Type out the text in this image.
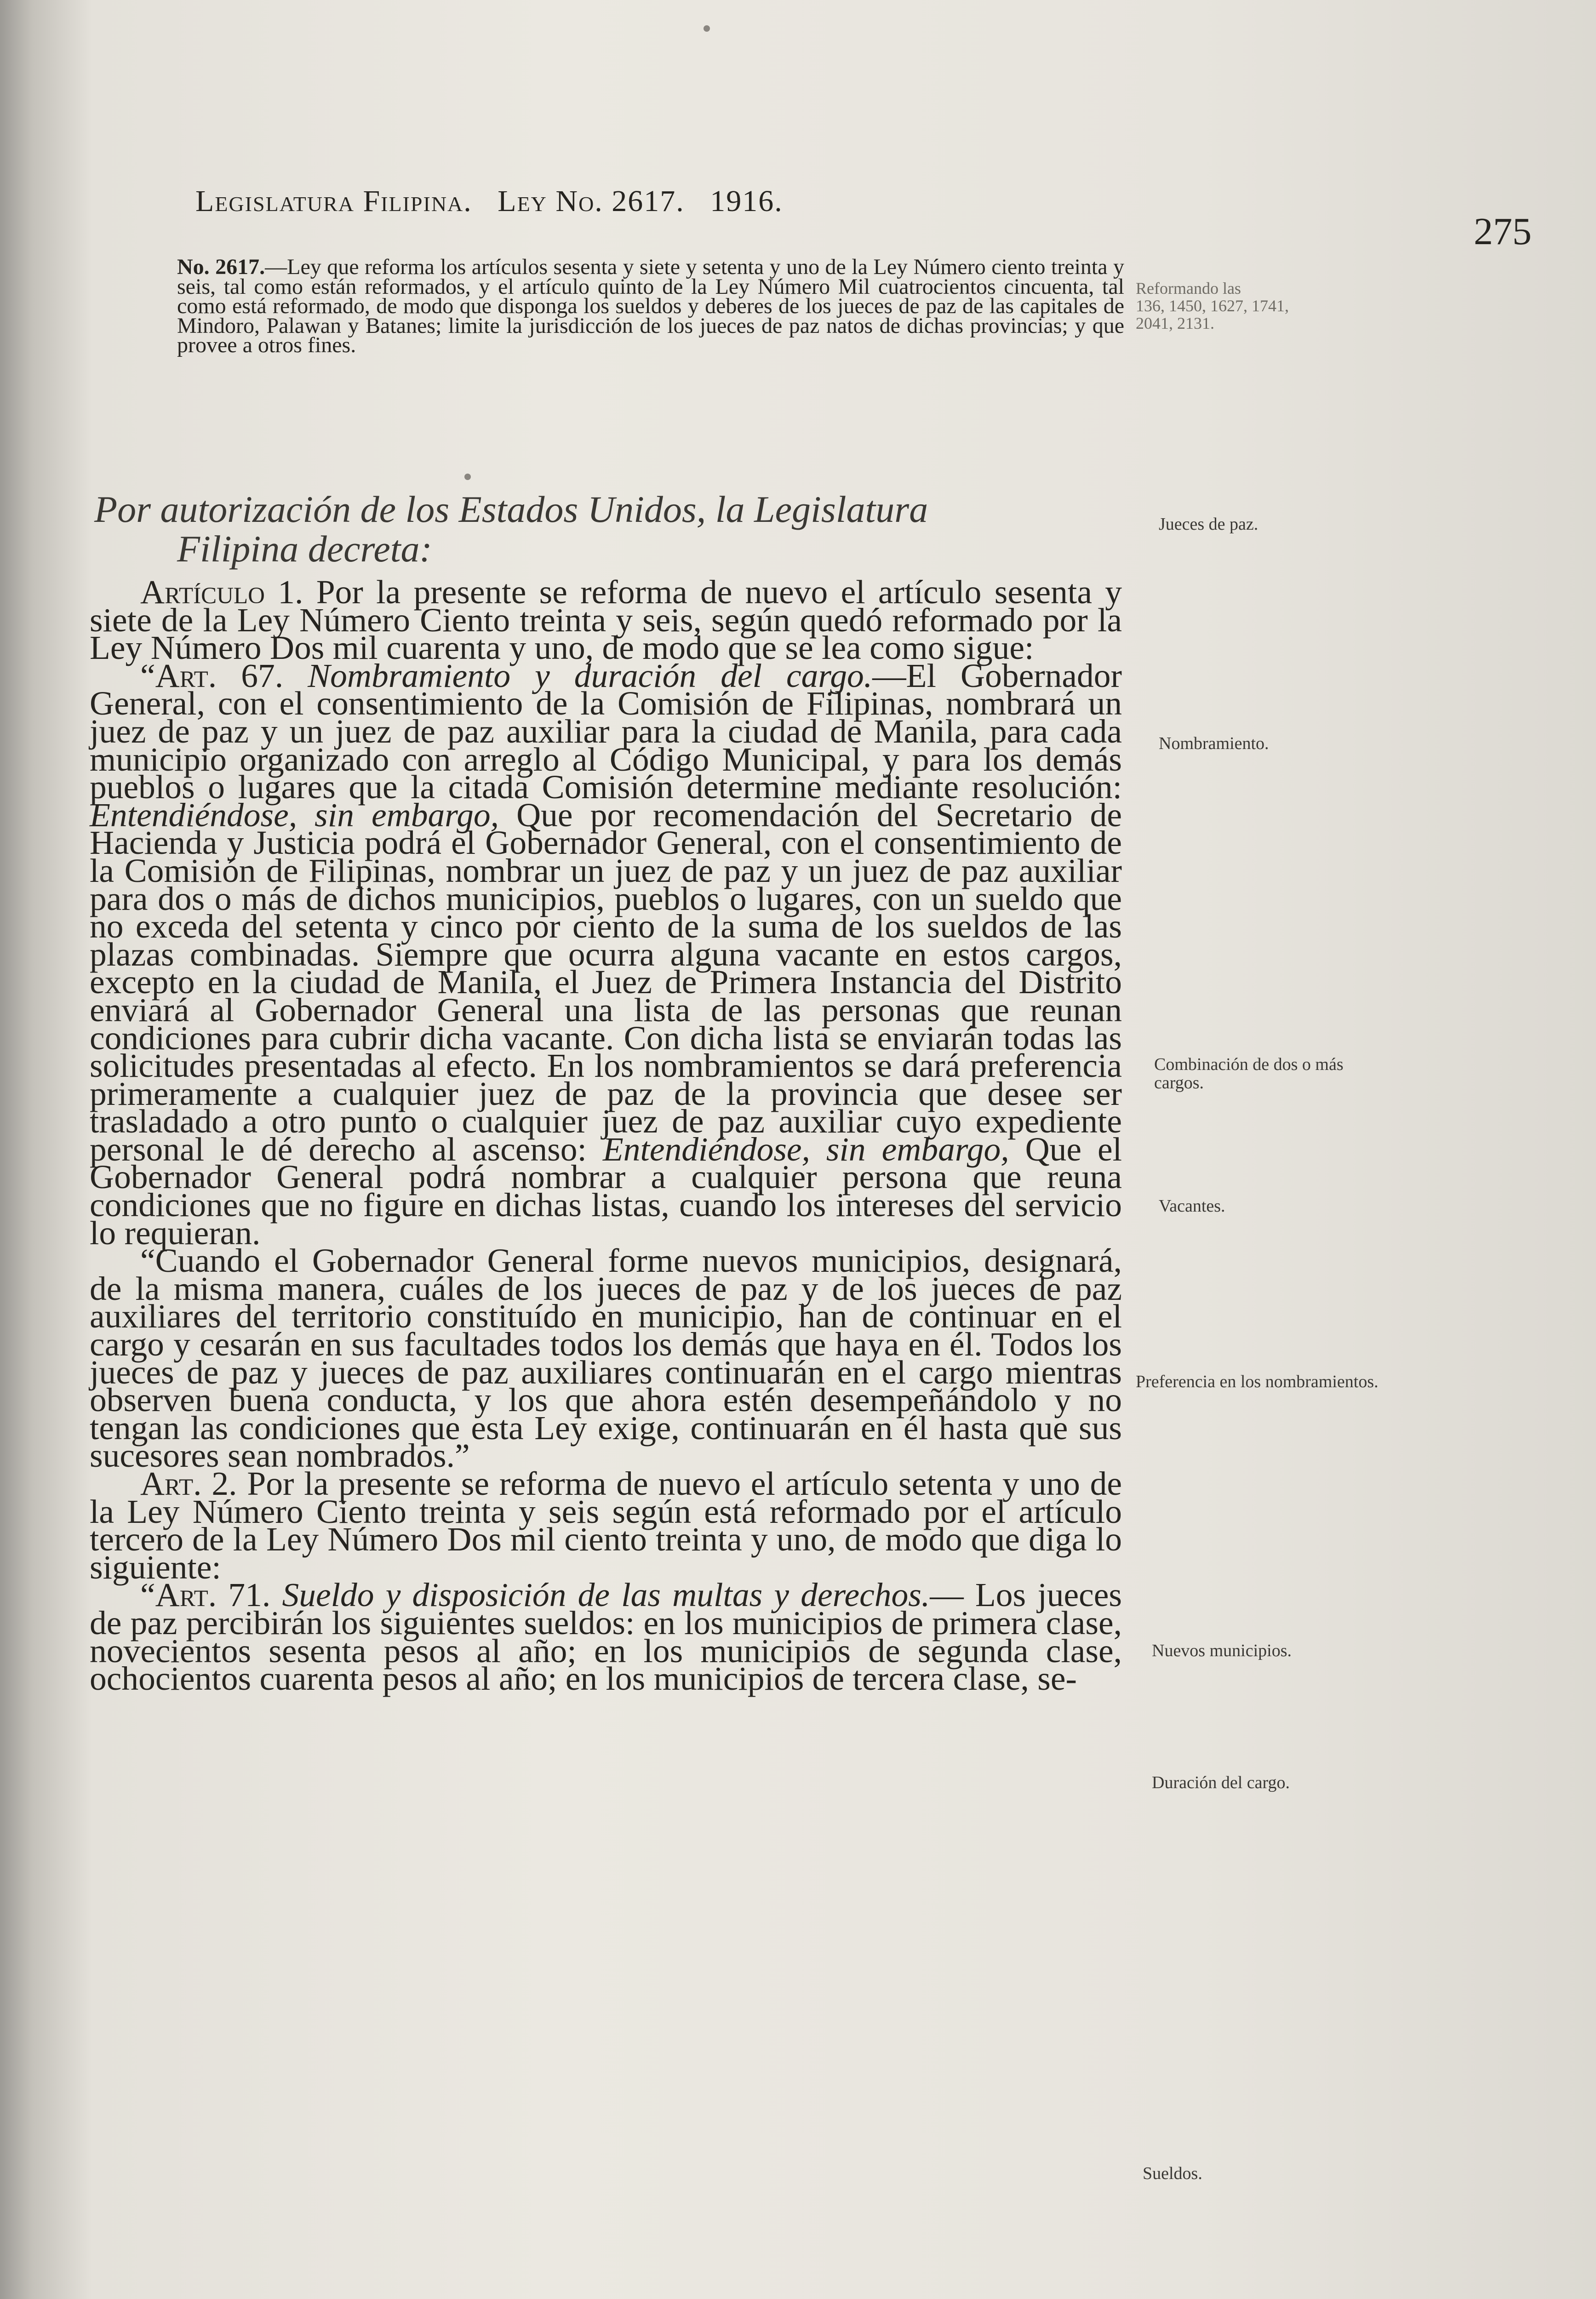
Legislatura Filipina. Ley No. 2617. 1916.
275
No. 2617.—Ley que reforma los artículos sesenta y siete y setenta y uno de la Ley Número ciento treinta y seis, tal como están reformados, y el artículo quinto de la Ley Número Mil cuatrocientos cincuenta, tal como está reformado, de modo que disponga los sueldos y deberes de los jueces de paz de las capitales de Mindoro, Palawan y Batanes; limite la jurisdicción de los jueces de paz natos de dichas provincias; y que provee a otros fines.
Reformando las
136, 1450, 1627, 1741,
2041, 2131.
Por autorización de los Estados Unidos, la Legislatura
Filipina decreta:

Artículo 1. Por la presente se reforma de nuevo el artículo sesenta y siete de la Ley Número Ciento treinta y seis, según quedó reformado por la Ley Número Dos mil cuarenta y uno, de modo que se lea como sigue:

“Art. 67. Nombramiento y duración del cargo.—El Gobernador General, con el consentimiento de la Comisión de Filipinas, nombrará un juez de paz y un juez de paz auxiliar para la ciudad de Manila, para cada municipio organizado con arreglo al Código Municipal, y para los demás pueblos o lugares que la citada Comisión determine mediante resolución: Entendiéndose, sin embargo, Que por recomendación del Secretario de Hacienda y Justicia podrá el Gobernador General, con el consentimiento de la Comisión de Filipinas, nombrar un juez de paz y un juez de paz auxiliar para dos o más de dichos municipios, pueblos o lugares, con un sueldo que no exceda del setenta y cinco por ciento de la suma de los sueldos de las plazas combinadas. Siempre que ocurra alguna vacante en estos cargos, excepto en la ciudad de Manila, el Juez de Primera Instancia del Distrito enviará al Gobernador General una lista de las personas que reunan condiciones para cubrir dicha vacante. Con dicha lista se enviarán todas las solicitudes presentadas al efecto. En los nombramientos se dará preferencia primeramente a cualquier juez de paz de la provincia que desee ser trasladado a otro punto o cualquier juez de paz auxiliar cuyo expediente personal le dé derecho al ascenso: Entendiéndose, sin embargo, Que el Gobernador General podrá nombrar a cualquier persona que reuna condiciones que no figure en dichas listas, cuando los intereses del servicio lo requieran.

“Cuando el Gobernador General forme nuevos municipios, designará, de la misma manera, cuáles de los jueces de paz y de los jueces de paz auxiliares del territorio constituído en municipio, han de continuar en el cargo y cesarán en sus facultades todos los demás que haya en él. Todos los jueces de paz y jueces de paz auxiliares continuarán en el cargo mientras observen buena conducta, y los que ahora estén desempeñándolo y no tengan las condiciones que esta Ley exige, continuarán en él hasta que sus sucesores sean nombrados.”

Art. 2. Por la presente se reforma de nuevo el artículo setenta y uno de la Ley Número Ciento treinta y seis según está reformado por el artículo tercero de la Ley Número Dos mil ciento treinta y uno, de modo que diga lo siguiente:

“Art. 71. Sueldo y disposición de las multas y derechos.— Los jueces de paz percibirán los siguientes sueldos: en los municipios de primera clase, novecientos sesenta pesos al año; en los municipios de segunda clase, ochocientos cuarenta pesos al año; en los municipios de tercera clase, se-

Jueces de paz.
Nombramiento.
Combinación de dos o más cargos.
Vacantes.
Preferencia en los nombramientos.
Nuevos municipios.
Duración del cargo.
Sueldos.
